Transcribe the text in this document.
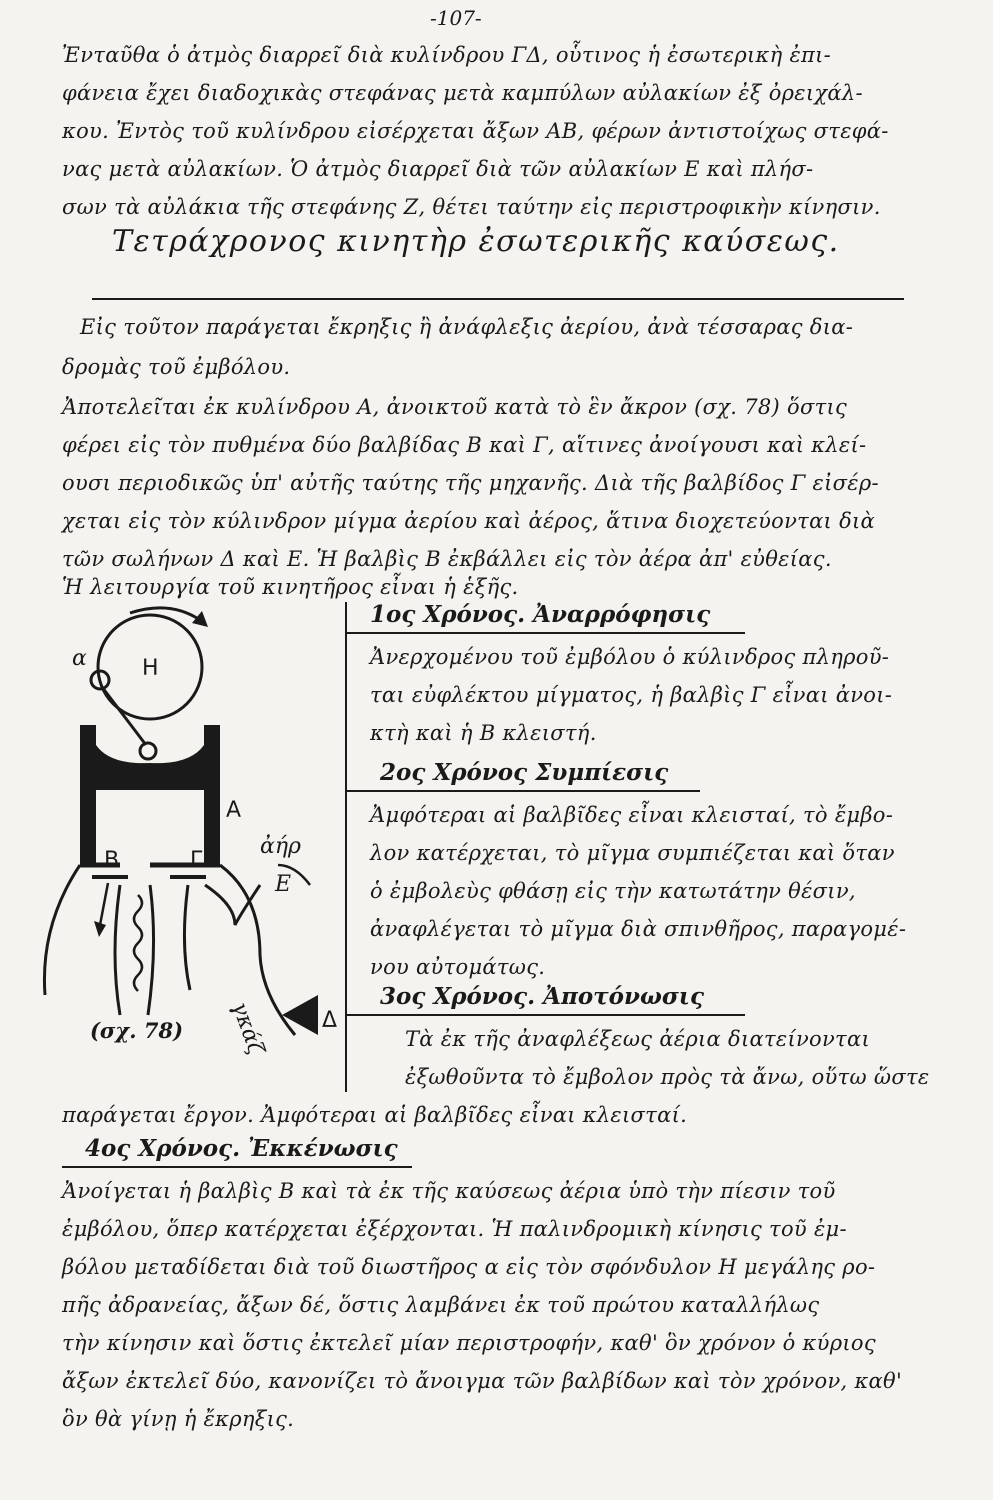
-107-
Ἐνταῦθα ὁ ἀτμὸς διαρρεῖ διὰ κυλίνδρου ΓΔ, οὗτινος ἡ ἐσωτερικὴ ἐπι-
φάνεια ἔχει διαδοχικὰς στεφάνας μετὰ καμπύλων αὐλακίων ἐξ ὀρειχάλ-
κου. Ἐντὸς τοῦ κυλίνδρου εἰσέρχεται ἄξων ΑΒ, φέρων ἀντιστοίχως στεφά-
νας μετὰ αὐλακίων. Ὁ ἀτμὸς διαρρεῖ διὰ τῶν αὐλακίων Ε καὶ πλήσ-
σων τὰ αὐλάκια τῆς στεφάνης Ζ, θέτει ταύτην εἰς περιστροφικὴν κίνησιν.
Τετράχρονος κινητὴρ ἐσωτερικῆς καύσεως.
Εἰς τοῦτον παράγεται ἔκρηξις ἢ ἀνάφλεξις ἀερίου, ἀνὰ τέσσαρας δια-
δρομὰς τοῦ ἐμβόλου.
Ἀποτελεῖται ἐκ κυλίνδρου Α, ἀνοικτοῦ κατὰ τὸ ἓν ἄκρον (σχ. 78) ὅστις
φέρει εἰς τὸν πυθμένα δύο βαλβίδας Β καὶ Γ, αἵτινες ἀνοίγουσι καὶ κλεί-
ουσι περιοδικῶς ὑπ' αὐτῆς ταύτης τῆς μηχανῆς. Διὰ τῆς βαλβίδος Γ εἰσέρ-
χεται εἰς τὸν κύλινδρον μίγμα ἀερίου καὶ ἀέρος, ἅτινα διοχετεύονται διὰ
τῶν σωλήνων Δ καὶ Ε. Ἡ βαλβὶς Β ἐκβάλλει εἰς τὸν ἀέρα ἀπ' εὐθείας.
Ἡ λειτουργία τοῦ κινητῆρος εἶναι ἡ ἑξῆς.
α	Η
Α
Β	Γ
ἀήρ
Ε
γκάζ Δ
(σχ. 78)
1ος Χρόνος. Ἀναρρόφησις
Ἀνερχομένου τοῦ ἐμβόλου ὁ κύλινδρος πληροῦ-
ται εὐφλέκτου μίγματος, ἡ βαλβὶς Γ εἶναι ἀνοι-
κτὴ καὶ ἡ Β κλειστή.
2ος Χρόνος Συμπίεσις
Ἀμφότεραι αἱ βαλβῖδες εἶναι κλεισταί, τὸ ἔμβο-
λον κατέρχεται, τὸ μῖγμα συμπιέζεται καὶ ὅταν
ὁ ἐμβολεὺς φθάσῃ εἰς τὴν κατωτάτην θέσιν,
ἀναφλέγεται τὸ μῖγμα διὰ σπινθῆρος, παραγομέ-
νου αὐτομάτως.
3ος Χρόνος. Ἀποτόνωσις
Τὰ ἐκ τῆς ἀναφλέξεως ἀέρια διατείνονται
ἐξωθοῦντα τὸ ἔμβολον πρὸς τὰ ἄνω, οὕτω ὥστε
παράγεται ἔργον. Ἀμφότεραι αἱ βαλβῖδες εἶναι κλεισταί.
4ος Χρόνος. Ἐκκένωσις
Ἀνοίγεται ἡ βαλβὶς Β καὶ τὰ ἐκ τῆς καύσεως ἀέρια ὑπὸ τὴν πίεσιν τοῦ
ἐμβόλου, ὅπερ κατέρχεται ἐξέρχονται. Ἡ παλινδρομικὴ κίνησις τοῦ ἐμ-
βόλου μεταδίδεται διὰ τοῦ διωστῆρος α εἰς τὸν σφόνδυλον Η μεγάλης ρο-
πῆς ἀδρανείας, ἄξων δέ, ὅστις λαμβάνει ἐκ τοῦ πρώτου καταλλήλως
τὴν κίνησιν καὶ ὅστις ἐκτελεῖ μίαν περιστροφήν, καθ' ὃν χρόνον ὁ κύριος
ἄξων ἐκτελεῖ δύο, κανονίζει τὸ ἄνοιγμα τῶν βαλβίδων καὶ τὸν χρόνον, καθ'
ὃν θὰ γίνῃ ἡ ἔκρηξις.
